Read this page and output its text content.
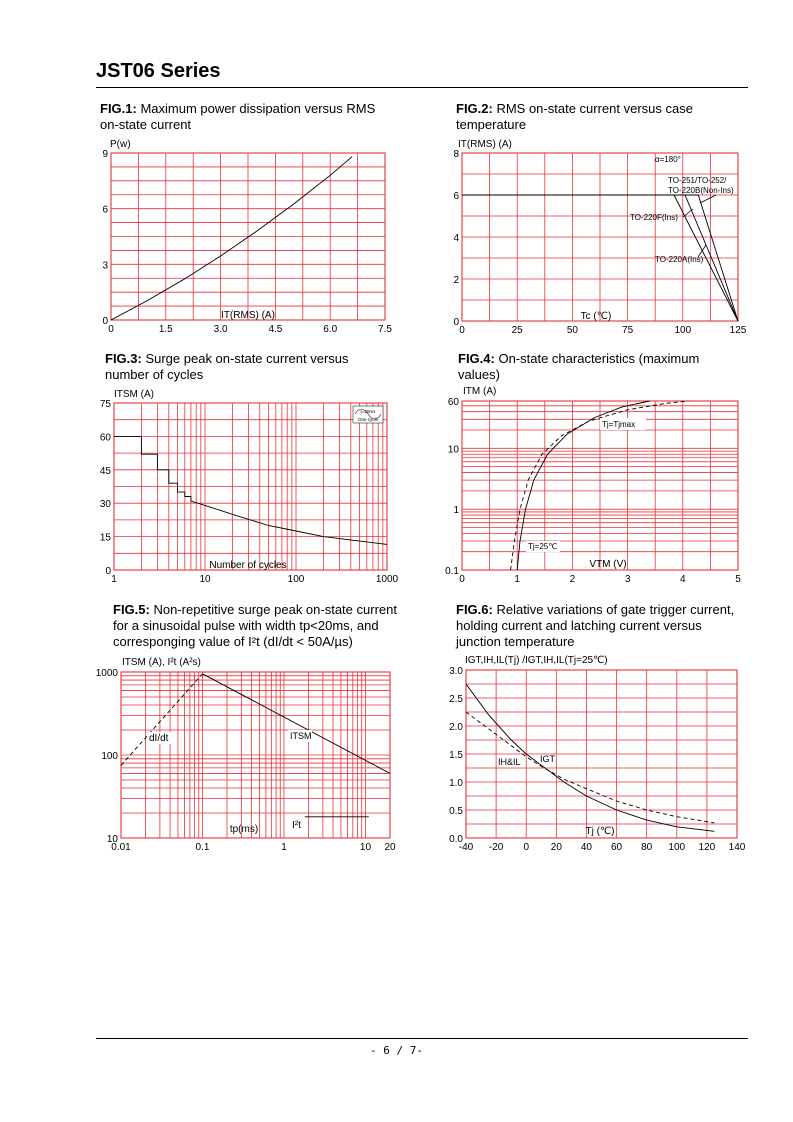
JST06 Series
FIG.1: Maximum power dissipation versus RMS
on-state current
FIG.2: RMS on-state current versus case
temperature
FIG.3: Surge peak on-state current versus
number of cycles
FIG.4: On-state characteristics (maximum
values)
FIG.5: Non-repetitive surge peak on-state current
for a sinusoidal pulse with width tp<20ms, and
corresponging value of I²t (dI/dt < 50A/µs)
FIG.6: Relative variations of gate trigger current,
holding current and latching current versus
junction temperature
0	1.5	3.0	4.5	6.0	7.5
0
3
6
9
P(w)
IT(RMS) (A)
0	25	50	75	100	125
0
2
4
6
8
IT(RMS) (A)
Tc (℃)
α=180°
TO-251/TO-252/
TO-220B(Non-Ins)
TO-220F(Ins)
TO-220A(Ins)
1	10	100	1000
0
15
30
45
60
75
ITSM (A)
Number of cycles
t=20ms
One cycle
0	1	2	3	4	5
0.1
1
10
60
ITM (A)
VTM (V)
Tj=Tjmax
Tj=25℃
0.01	0.1	1	10 20
10
100
1000
ITSM (A), I²t (A²s)
tp(ms)
dI/dt	ITSM
I²t
-40 -20 0 20 40 60 80 100 120 140
0.0
0.5
1.0
1.5
2.0
2.5
3.0
IGT,IH,IL(Tj) /IGT,IH,IL(Tj=25℃)
Tj (℃)
IGT
IH&IL
- 6 / 7-
